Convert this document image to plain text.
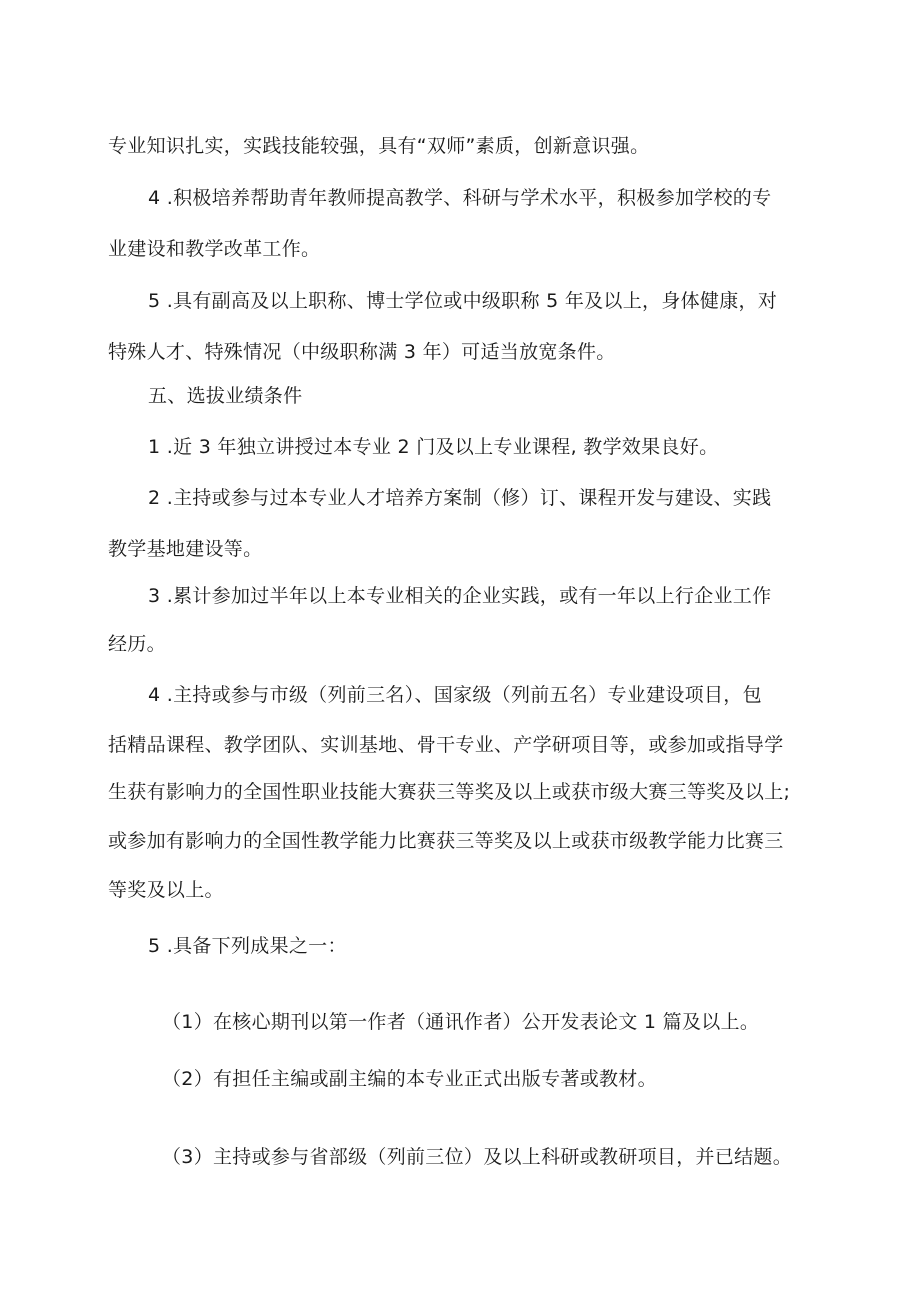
专业知识扎实，实践技能较强，具有“双师”素质，创新意识强。
4 .积极培养帮助青年教师提高教学、科研与学术水平，积极参加学校的专
业建设和教学改革工作。
5 .具有副高及以上职称、博士学位或中级职称 5 年及以上，身体健康，对
特殊人才、特殊情况（中级职称满 3 年）可适当放宽条件。
五、选拔业绩条件
1 .近 3 年独立讲授过本专业 2 门及以上专业课程, 教学效果良好。
2 .主持或参与过本专业人才培养方案制（修）订、课程开发与建设、实践
教学基地建设等。
3 .累计参加过半年以上本专业相关的企业实践，或有一年以上行企业工作
经历。
4 .主持或参与市级（列前三名）、国家级（列前五名）专业建设项目，包
括精品课程、教学团队、实训基地、骨干专业、产学研项目等，或参加或指导学
生获有影响力的全国性职业技能大赛获三等奖及以上或获市级大赛三等奖及以上;
或参加有影响力的全国性教学能力比赛获三等奖及以上或获市级教学能力比赛三
等奖及以上。
5 .具备下列成果之一：
（1）在核心期刊以第一作者（通讯作者）公开发表论文 1 篇及以上。
（2）有担任主编或副主编的本专业正式出版专著或教材。
（3）主持或参与省部级（列前三位）及以上科研或教研项目，并已结题。
